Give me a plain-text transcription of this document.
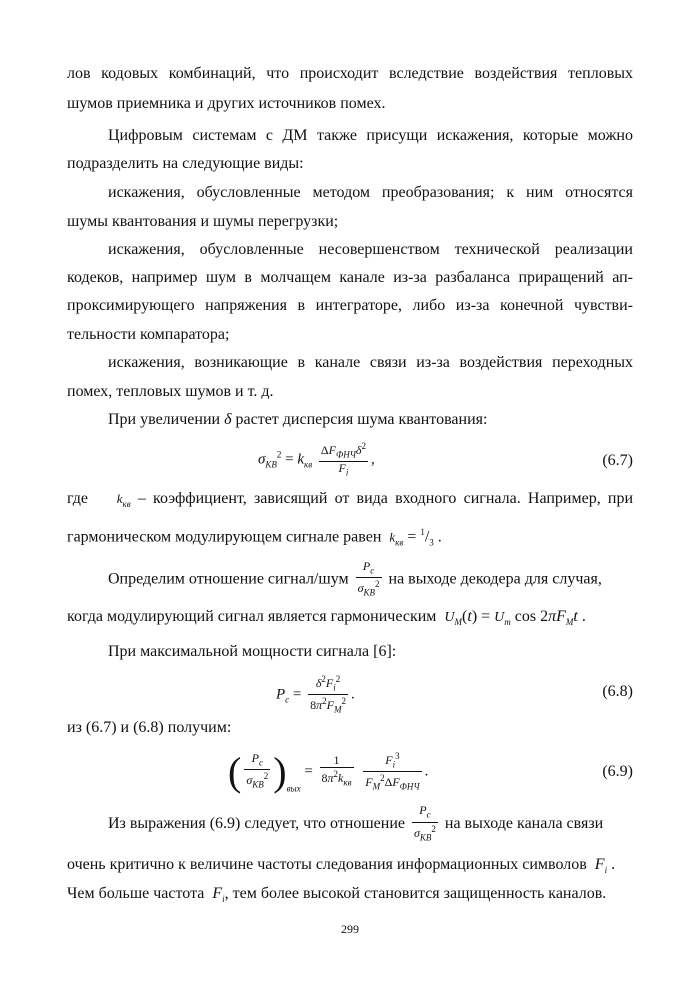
лов кодовых комбинаций, что происходит вследствие воздействия тепловых
шумов приемника и других источников помех.
Цифровым системам с ДМ также присущи искажения, которые можно
подразделить на следующие виды:
искажения, обусловленные методом преобразования; к ним относятся
шумы квантования и шумы перегрузки;
искажения, обусловленные несовершенством технической реализации
кодеков, например шум в молчащем канале из-за разбаланса приращений ап-
проксимирующего напряжения в интеграторе, либо из-за конечной чувстви-
тельности компаратора;
искажения, возникающие в канале связи из-за воздействия переходных
помех, тепловых шумов и т. д.
При увеличении δ растет дисперсия шума квантования:
$\sigma_{КВ}^2 = k_{кв} \frac{\Delta F_{ФНЧ}\delta^2}{F_i}$ ,	(6.7)
где $k_{кв}$ – коэффициент, зависящий от вида входного сигнала. Например, при
гармоническом модулирующем сигнале равен $k_{кв} = ^1/_3$ .
Определим отношение сигнал/шум $\frac{P_c}{\sigma_{КВ}^2}$ на выходе декодера для случая,
когда модулирующий сигнал является гармоническим $U_M(t) = U_m$ $\cos 2\pi F_Mt$ .
При максимальной мощности сигнала [6]:
$P_c = \frac{\delta^2F_i^2}{8\pi^2F_M^2}$ .	(6.8)
из (6.7) и (6.8) получим:
( $\frac{P_c}{\sigma_{КВ}^2} )_{вых} = \frac{1}{8\pi^2k_{кв}}$
$\frac{F_i^3}{F_M^2\Delta F_{ФНЧ}}$ .	(6.9)
Из выражения (6.9) следует, что отношение $\frac{P_c}{\sigma_{КВ}^2}$ на выходе канала связи
очень критично к величине частоты следования информационных символов $F_i$ .
Чем больше частота $F_i$, тем более высокой становится защищенность каналов.
299
